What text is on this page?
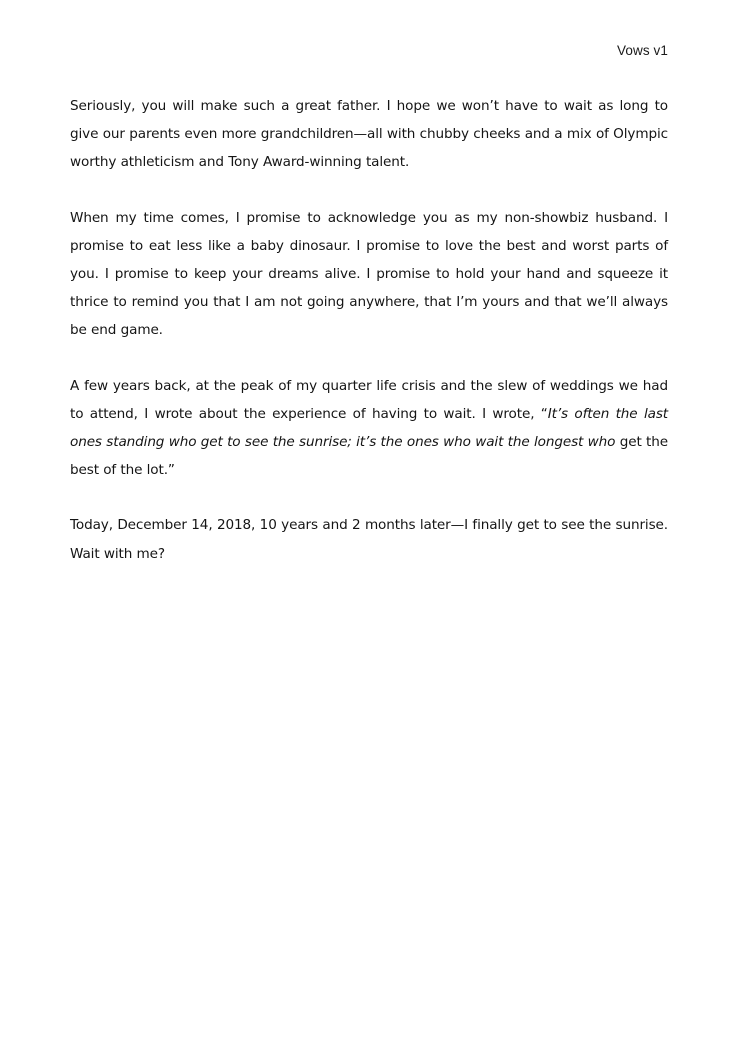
Vows v1

Seriously, you will make such a great father. I hope we won’t have to wait as long to give our parents even more grandchildren—all with chubby cheeks and a mix of Olympic worthy athleticism and Tony Award-winning talent.

When my time comes, I promise to acknowledge you as my non-showbiz husband. I promise to eat less like a baby dinosaur. I promise to love the best and worst parts of you. I promise to keep your dreams alive. I promise to hold your hand and squeeze it thrice to remind you that I am not going anywhere, that I’m yours and that we’ll always be end game.

A few years back, at the peak of my quarter life crisis and the slew of weddings we had to attend, I wrote about the experience of having to wait. I wrote, “It’s often the last ones standing who get to see the sunrise; it’s the ones who wait the longest who get the best of the lot.”

Today, December 14, 2018, 10 years and 2 months later—I finally get to see the sunrise. Wait with me?
